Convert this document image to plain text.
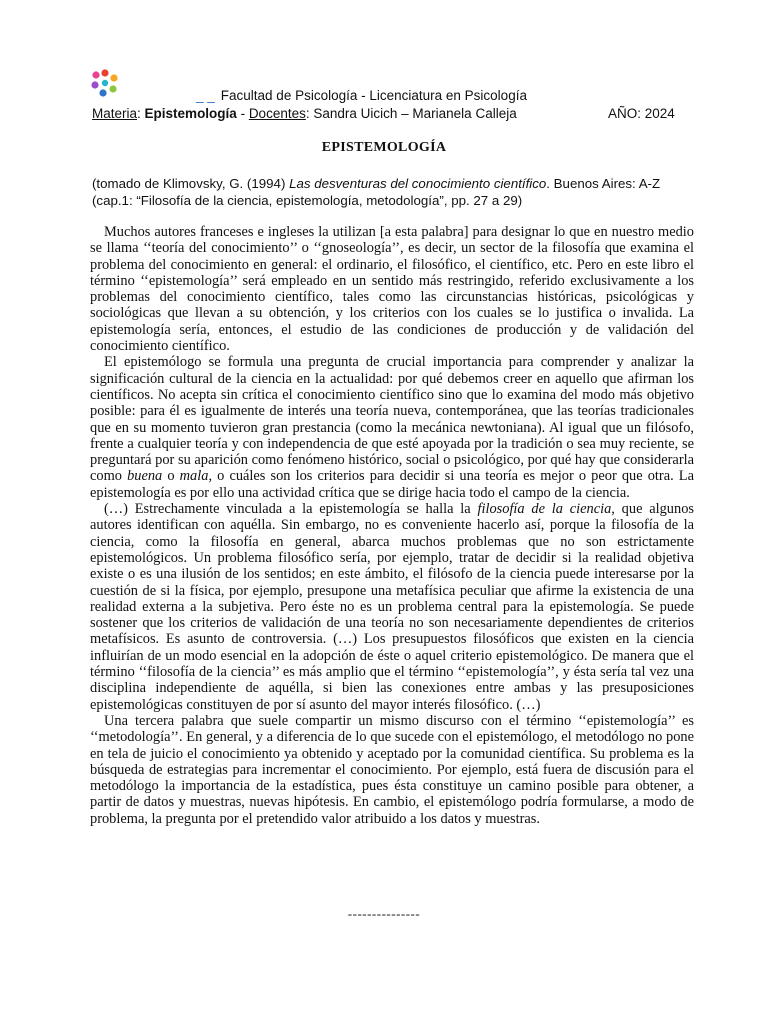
_ _ Facultad de Psicología - Licenciatura en Psicología
Materia: Epistemología - Docentes: Sandra Uicich – Marianela Calleja	AÑO: 2024
EPISTEMOLOGÍA
(tomado de Klimovsky, G. (1994) Las desventuras del conocimiento científico. Buenos Aires: A-Z (cap.1: “Filosofía de la ciencia, epistemología, metodología”, pp. 27 a 29)

Muchos autores franceses e ingleses la utilizan [a esta palabra] para designar lo que en nuestro medio se llama ‘‘teoría del conocimiento’’ o ‘‘gnoseología’’, es decir, un sector de la filosofía que examina el problema del conocimiento en general: el ordinario, el filosófico, el científico, etc. Pero en este libro el término ‘‘epistemología’’ será empleado en un sentido más restringido, referido exclusivamente a los problemas del conocimiento científico, tales como las circunstancias históricas, psicológicas y sociológicas que llevan a su obtención, y los criterios con los cuales se lo justifica o invalida. La epistemología sería, entonces, el estudio de las condiciones de producción y de validación del conocimiento científico.

El epistemólogo se formula una pregunta de crucial importancia para comprender y analizar la significación cultural de la ciencia en la actualidad: por qué debemos creer en aquello que afirman los científicos. No acepta sin crítica el conocimiento científico sino que lo examina del modo más objetivo posible: para él es igualmente de interés una teoría nueva, contemporánea, que las teorías tradicionales que en su momento tuvieron gran prestancia (como la mecánica newtoniana). Al igual que un filósofo, frente a cualquier teoría y con independencia de que esté apoyada por la tradición o sea muy reciente, se preguntará por su aparición como fenómeno histórico, social o psicológico, por qué hay que considerarla como buena o mala, o cuáles son los criterios para decidir si una teoría es mejor o peor que otra. La epistemología es por ello una actividad crítica que se dirige hacia todo el campo de la ciencia.

(…) Estrechamente vinculada a la epistemología se halla la filosofía de la ciencia, que algunos autores identifican con aquélla. Sin embargo, no es conveniente hacerlo así, porque la filosofía de la ciencia, como la filosofía en general, abarca muchos problemas que no son estrictamente epistemológicos. Un problema filosófico sería, por ejemplo, tratar de decidir si la realidad objetiva existe o es una ilusión de los sentidos; en este ámbito, el filósofo de la ciencia puede interesarse por la cuestión de si la física, por ejemplo, presupone una metafísica peculiar que afirme la existencia de una realidad externa a la subjetiva. Pero éste no es un problema central para la epistemología. Se puede sostener que los criterios de validación de una teoría no son necesariamente dependientes de criterios metafísicos. Es asunto de controversia. (…) Los presupuestos filosóficos que existen en la ciencia influirían de un modo esencial en la adopción de éste o aquel criterio epistemológico. De manera que el término ‘‘filosofía de la ciencia’’ es más amplio que el término ‘‘epistemología’’, y ésta sería tal vez una disciplina independiente de aquélla, si bien las conexiones entre ambas y las presuposiciones epistemológicas constituyen de por sí asunto del mayor interés filosófico. (…)

Una tercera palabra que suele compartir un mismo discurso con el término ‘‘epistemología’’ es ‘‘metodología’’. En general, y a diferencia de lo que sucede con el epistemólogo, el metodólogo no pone en tela de juicio el conocimiento ya obtenido y aceptado por la comunidad científica. Su problema es la búsqueda de estrategias para incrementar el conocimiento. Por ejemplo, está fuera de discusión para el metodólogo la importancia de la estadística, pues ésta constituye un camino posible para obtener, a partir de datos y muestras, nuevas hipótesis. En cambio, el epistemólogo podría formularse, a modo de problema, la pregunta por el pretendido valor atribuido a los datos y muestras.

---------------
